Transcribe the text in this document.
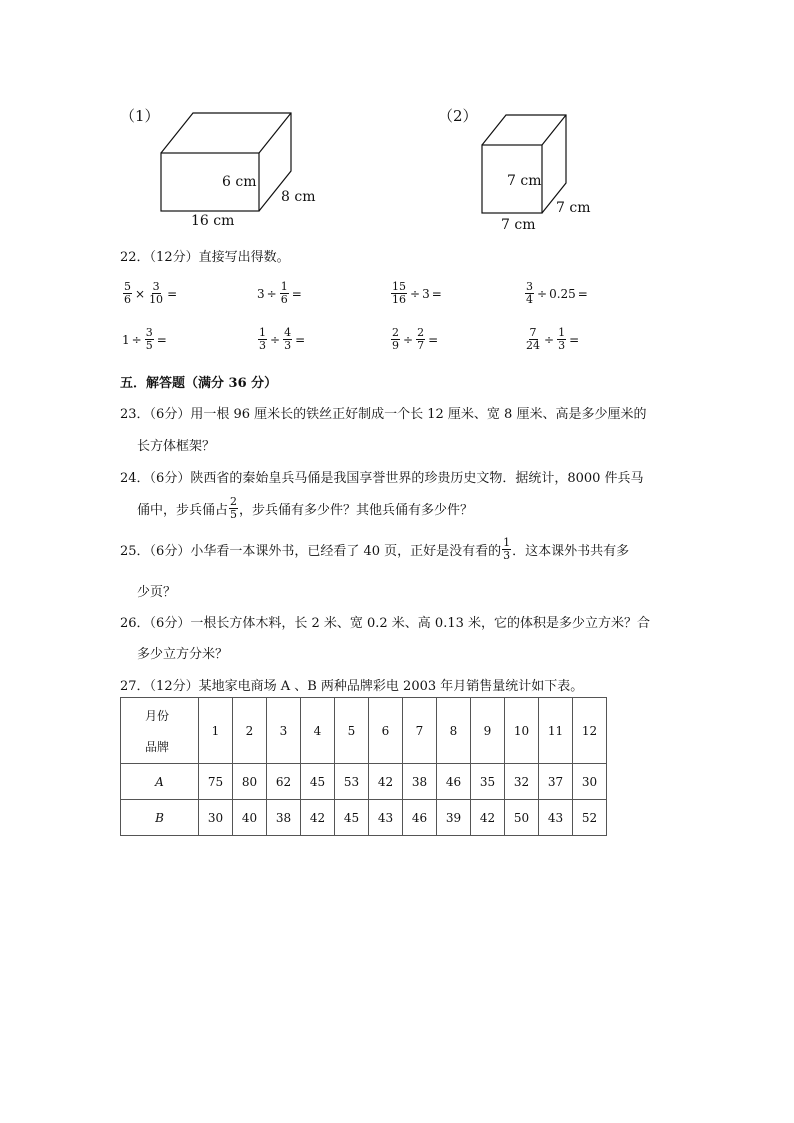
（1）
6 cm
8 cm
16 cm
（2）
7 cm
7 cm
7 cm
22．（12分）直接写出得数。
$\frac{5}{6} \times \frac{3}{10}$ =	$3 \div \frac{1}{6}$ =	$\frac{15}{16} \div 3$ =	$\frac{3}{4} \div 0.25$ =
$1 \div \frac{3}{5}$ =	$\frac{1}{3} \div \frac{4}{3}$ =	$\frac{2}{9} \div \frac{2}{7}$ =	$\frac{7}{24} \div \frac{1}{3}$ =
五．解答题（满分 36 分）
23．（6分）用一根 96 厘米长的铁丝正好制成一个长 12 厘米、宽 8 厘米、高是多少厘米的
长方体框架？
24．（6分）陕西省的秦始皇兵马俑是我国享誉世界的珍贵历史文物．据统计，8000 件兵马
俑中，步兵俑占 $\frac{2}{5}$ ，步兵俑有多少件？其他兵俑有多少件？
25．（6分）小华看一本课外书，已经看了 40 页，正好是没有看的 $\frac{1}{3}$ ．这本课外书共有多
少页？
26．（6分）一根长方体木料，长 2 米、宽 0.2 米、高 0.13 米，它的体积是多少立方米？合
多少立方分米？
27．（12分）某地家电商场 A 、B 两种品牌彩电 2003 年月销售量统计如下表。
月份
品牌	1	2	3	4	5	6	7	8	9	10	11	12
A	75	80	62	45	53	42	38	46	35	32	37	30
B	30	40	38	42	45	43	46	39	42	50	43	52
